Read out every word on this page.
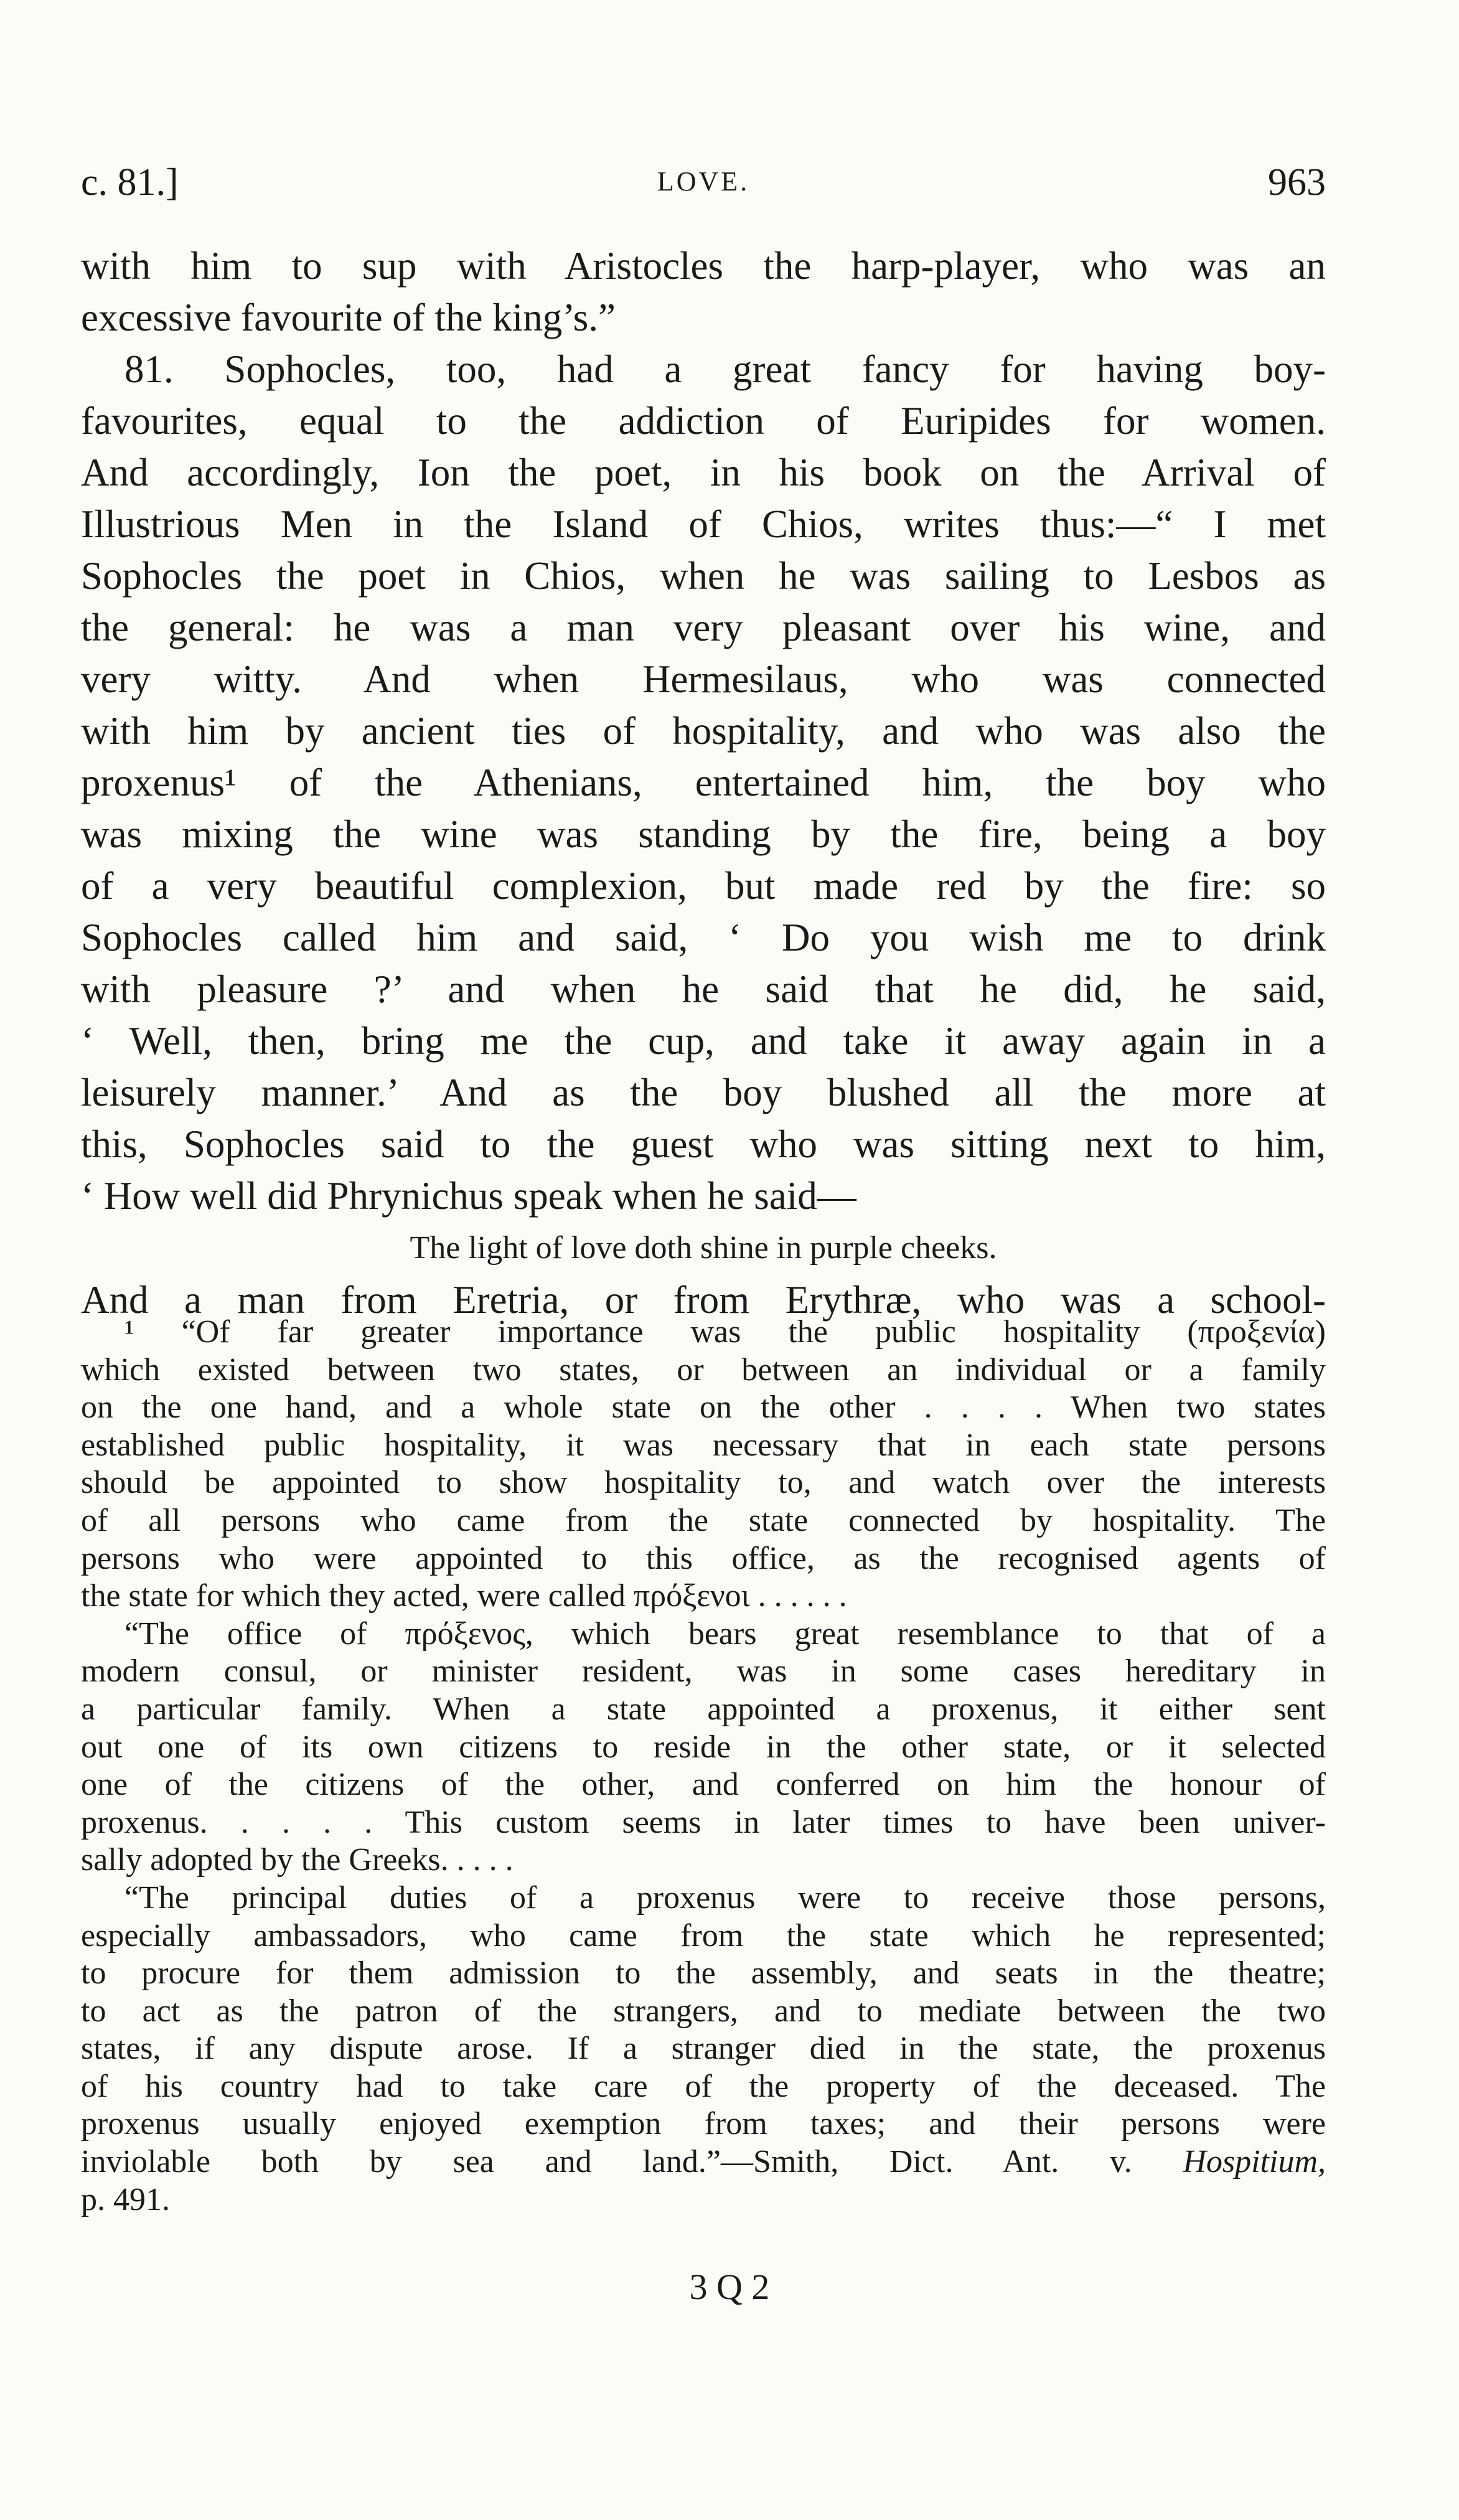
c. 81.]	LOVE.	963
with him to sup with Aristocles the harp-player, who was an
excessive favourite of the king’s.”
81. Sophocles, too, had a great fancy for having boy-
favourites, equal to the addiction of Euripides for women.
And accordingly, Ion the poet, in his book on the Arrival of
Illustrious Men in the Island of Chios, writes thus:—“ I met
Sophocles the poet in Chios, when he was sailing to Lesbos as
the general: he was a man very pleasant over his wine, and
very witty. And when Hermesilaus, who was connected
with him by ancient ties of hospitality, and who was also the
proxenus¹ of the Athenians, entertained him, the boy who
was mixing the wine was standing by the fire, being a boy
of a very beautiful complexion, but made red by the fire: so
Sophocles called him and said, ‘ Do you wish me to drink
with pleasure ?’ and when he said that he did, he said,
‘ Well, then, bring me the cup, and take it away again in a
leisurely manner.’ And as the boy blushed all the more at
this, Sophocles said to the guest who was sitting next to him,
‘ How well did Phrynichus speak when he said—
The light of love doth shine in purple cheeks.
And a man from Eretria, or from Erythræ, who was a school-
¹ “Of far greater importance was the public hospitality (προξενία)
which existed between two states, or between an individual or a family
on the one hand, and a whole state on the other . . . . When two states
established public hospitality, it was necessary that in each state persons
should be appointed to show hospitality to, and watch over the interests
of all persons who came from the state connected by hospitality. The
persons who were appointed to this office, as the recognised agents of
the state for which they acted, were called πρόξενοι . . . . . .
“The office of πρόξενος, which bears great resemblance to that of a
modern consul, or minister resident, was in some cases hereditary in
a particular family. When a state appointed a proxenus, it either sent
out one of its own citizens to reside in the other state, or it selected
one of the citizens of the other, and conferred on him the honour of
proxenus. . . . . This custom seems in later times to have been univer-
sally adopted by the Greeks. . . . .
“The principal duties of a proxenus were to receive those persons,
especially ambassadors, who came from the state which he represented;
to procure for them admission to the assembly, and seats in the theatre;
to act as the patron of the strangers, and to mediate between the two
states, if any dispute arose. If a stranger died in the state, the proxenus
of his country had to take care of the property of the deceased. The
proxenus usually enjoyed exemption from taxes; and their persons were
inviolable both by sea and land.”—Smith, Dict. Ant. v. Hospitium,
p. 491.
3 Q 2
